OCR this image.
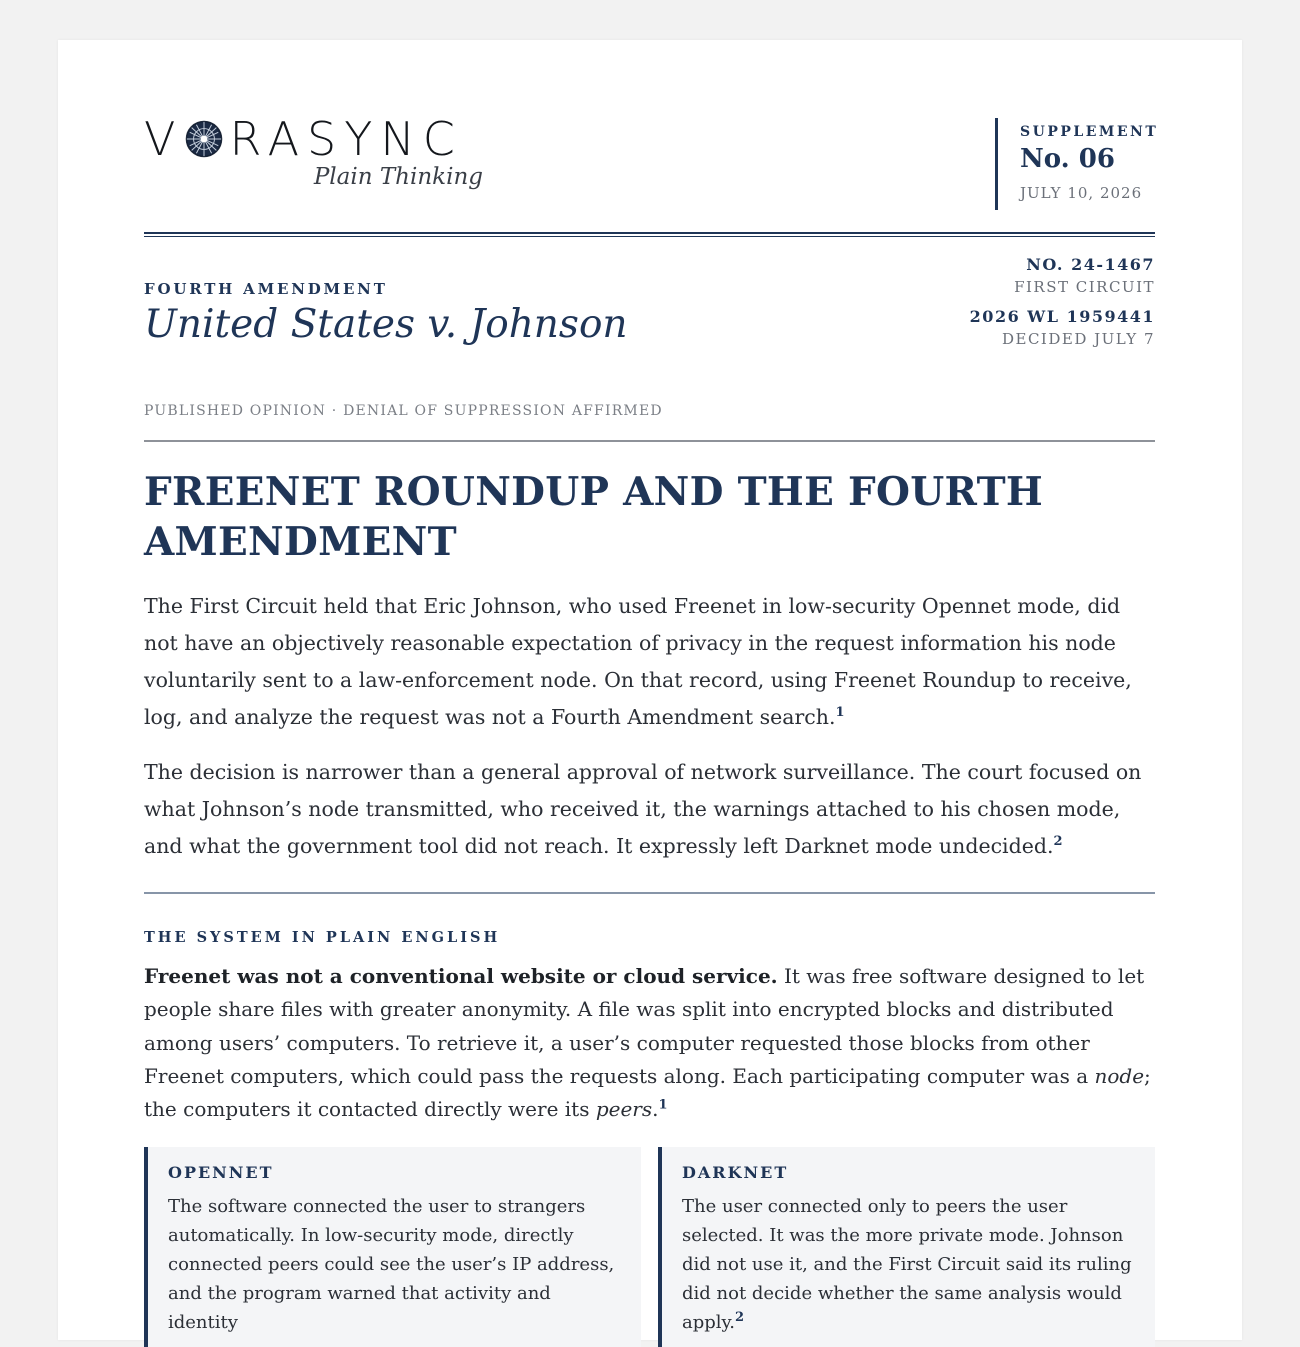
V RASYNC
Plain Thinking
SUPPLEMENT
No. 06
JULY 10, 2026
FOURTH AMENDMENT
United States v. Johnson
NO. 24-1467
FIRST CIRCUIT
2026 WL 1959441
DECIDED JULY 7
PUBLISHED OPINION · DENIAL OF SUPPRESSION AFFIRMED
FREENET ROUNDUP AND THE FOURTH AMENDMENT

The First Circuit held that Eric Johnson, who used Freenet in low-security Opennet mode, did not have an objectively reasonable expectation of privacy in the request information his node voluntarily sent to a law-enforcement node. On that record, using Freenet Roundup to receive, log, and analyze the request was not a Fourth Amendment search.$^1$

The decision is narrower than a general approval of network surveillance. The court focused on what Johnson’s node transmitted, who received it, the warnings attached to his chosen mode, and what the government tool did not reach. It expressly left Darknet mode undecided.$^2$

THE SYSTEM IN PLAIN ENGLISH

Freenet was not a conventional website or cloud service. It was free software designed to let people share files with greater anonymity. A file was split into encrypted blocks and distributed among users’ computers. To retrieve it, a user’s computer requested those blocks from other Freenet computers, which could pass the requests along. Each participating computer was a node; the computers it contacted directly were its peers.$^1$

OPENNET
The software connected the user to strangers automatically. In low-security mode, directly connected peers could see the user’s IP address, and the program warned that activity and identity
DARKNET
The user connected only to peers the user selected. It was the more private mode. Johnson did not use it, and the First Circuit said its ruling did not decide whether the same analysis would apply.$^2$
